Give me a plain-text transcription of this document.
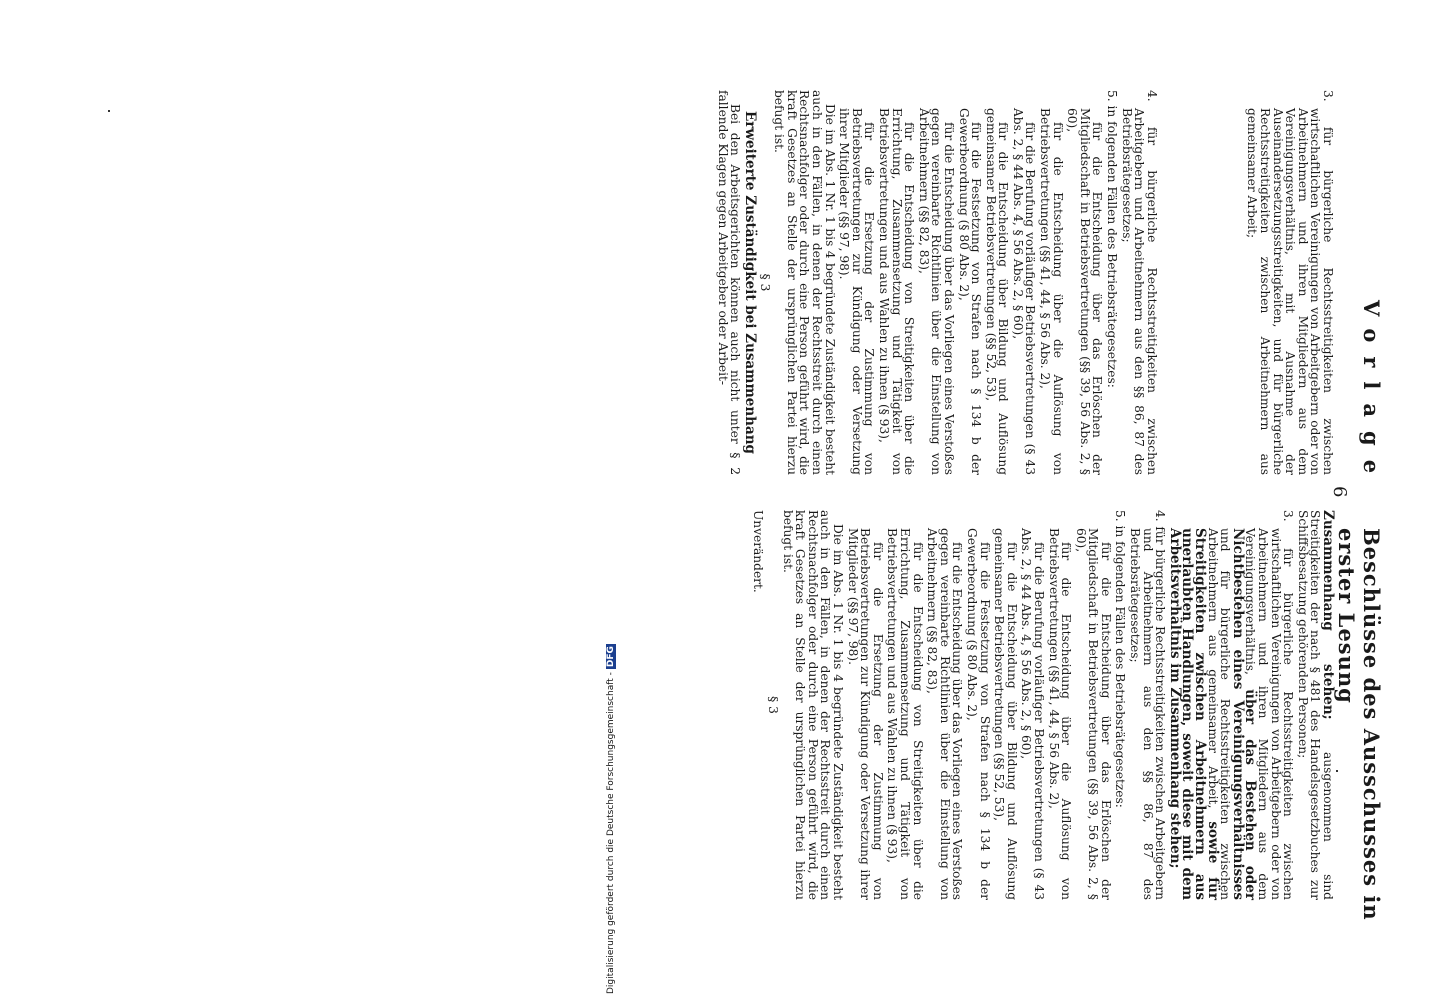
6
Vorlage
Beschlüsse des Ausschusses in erster Lesung

3. für bürgerliche Rechtsstreitigkeiten zwischen wirtschaftlichen Vereinigungen von Arbeitgebern oder von Arbeitnehmern und ihren Mitgliedern aus dem Vereinigungsverhältnis, mit Ausnahme der Auseinandersetzungsstreitigkeiten, und für bürgerliche Rechtsstreitigkeiten zwischen Arbeitnehmern aus gemeinsamer Arbeit;

4. für bürgerliche Rechtsstreitigkeiten zwischen Arbeitgebern und Arbeitnehmern aus den §§ 86, 87 des Betriebsrätegesetzes;

5. in folgenden Fällen des Betriebsrätegesetzes:

für die Entscheidung über das Erlöschen der Mitgliedschaft in Betriebsvertretungen (§§ 39, 56 Abs. 2, § 60),

für die Entscheidung über die Auflösung von Betriebsvertretungen (§§ 41, 44, § 56 Abs. 2),

für die Berufung vorläufiger Betriebsvertretungen (§ 43 Abs. 2, § 44 Abs. 4, § 56 Abs. 2, § 60),

für die Entscheidung über Bildung und Auflösung gemeinsamer Betriebsvertretungen (§§ 52, 53),

für die Festsetzung von Strafen nach § 134 b der Gewerbeordnung (§ 80 Abs. 2),

für die Entscheidung über das Vorliegen eines Verstoßes gegen vereinbarte Richtlinien über die Einstellung von Arbeitnehmern (§§ 82, 83),

für die Entscheidung von Streitigkeiten über die Errichtung, Zusammensetzung und Tätigkeit von Betriebsvertretungen und aus Wahlen zu ihnen (§ 93),

für die Ersetzung der Zustimmung von Betriebsvertretungen zur Kündigung oder Versetzung ihrer Mitglieder (§§ 97, 98).

Die im Abs. 1 Nr. 1 bis 4 begründete Zuständigkeit besteht auch in den Fällen, in denen der Rechtsstreit durch einen Rechtsnachfolger oder durch eine Person geführt wird, die kraft Gesetzes an Stelle der ursprünglichen Partei hierzu befugt ist.

§ 3

Erweiterte Zuständigkeit bei Zusammenhang

Bei den Arbeitsgerichten können auch nicht unter § 2 fallende Klagen gegen Arbeitgeber oder Arbeit-

Zusammenhang stehen; ausgenommen sind Streitigkeiten der nach § 481 des Handelsgesetzbuches zur Schiffsbesatzung gehörenden Personen;

3. für bürgerliche Rechtsstreitigkeiten zwischen wirtschaftlichen Vereinigungen von Arbeitgebern oder von Arbeitnehmern und ihren Mitgliedern aus dem Vereinigungsverhältnis, über das Bestehen oder Nichtbestehen eines Vereinigungsverhältnisses und für bürgerliche Rechtsstreitigkeiten zwischen Arbeitnehmern aus gemeinsamer Arbeit, sowie für Streitigkeiten zwischen Arbeitnehmern aus unerlaubten Handlungen, soweit diese mit dem Arbeitsverhältnis im Zusammenhang stehen;

4. für bürgerliche Rechtsstreitigkeiten zwischen Arbeitgebern und Arbeitnehmern aus den §§ 86, 87 des Betriebsrätegesetzes;

5. in folgenden Fällen des Betriebsrätegesetzes:

für die Entscheidung über das Erlöschen der Mitgliedschaft in Betriebsvertretungen (§§ 39, 56 Abs. 2, § 60),

für die Entscheidung über die Auflösung von Betriebsvertretungen (§§ 41, 44, § 56 Abs. 2),

für die Berufung vorläufiger Betriebsvertretungen (§ 43 Abs. 2, § 44 Abs. 4, § 56 Abs. 2, § 60),

für die Entscheidung über Bildung und Auflösung gemeinsamer Betriebsvertretungen (§§ 52, 53),

für die Festsetzung von Strafen nach § 134 b der Gewerbeordnung (§ 80 Abs. 2),

für die Entscheidung über das Vorliegen eines Verstoßes gegen vereinbarte Richtlinien über die Einstellung von Arbeitnehmern (§§ 82, 83),

für die Entscheidung von Streitigkeiten über die Errichtung, Zusammensetzung und Tätigkeit von Betriebsvertretungen und aus Wahlen zu ihnen (§ 93),

für die Ersetzung der Zustimmung von Betriebsvertretungen zur Kündigung oder Versetzung ihrer Mitglieder (§§ 97, 98).

Die im Abs. 1 Nr. 1 bis 4 begründete Zuständigkeit besteht auch in den Fällen, in denen der Rechtsstreit durch einen Rechtsnachfolger oder durch eine Person geführt wird, die kraft Gesetzes an Stelle der ursprünglichen Partei hierzu befugt ist.

§ 3

Unverändert.

Digitalisierung gefördert durch die Deutsche Forschungsgemeinschaft -DFG
